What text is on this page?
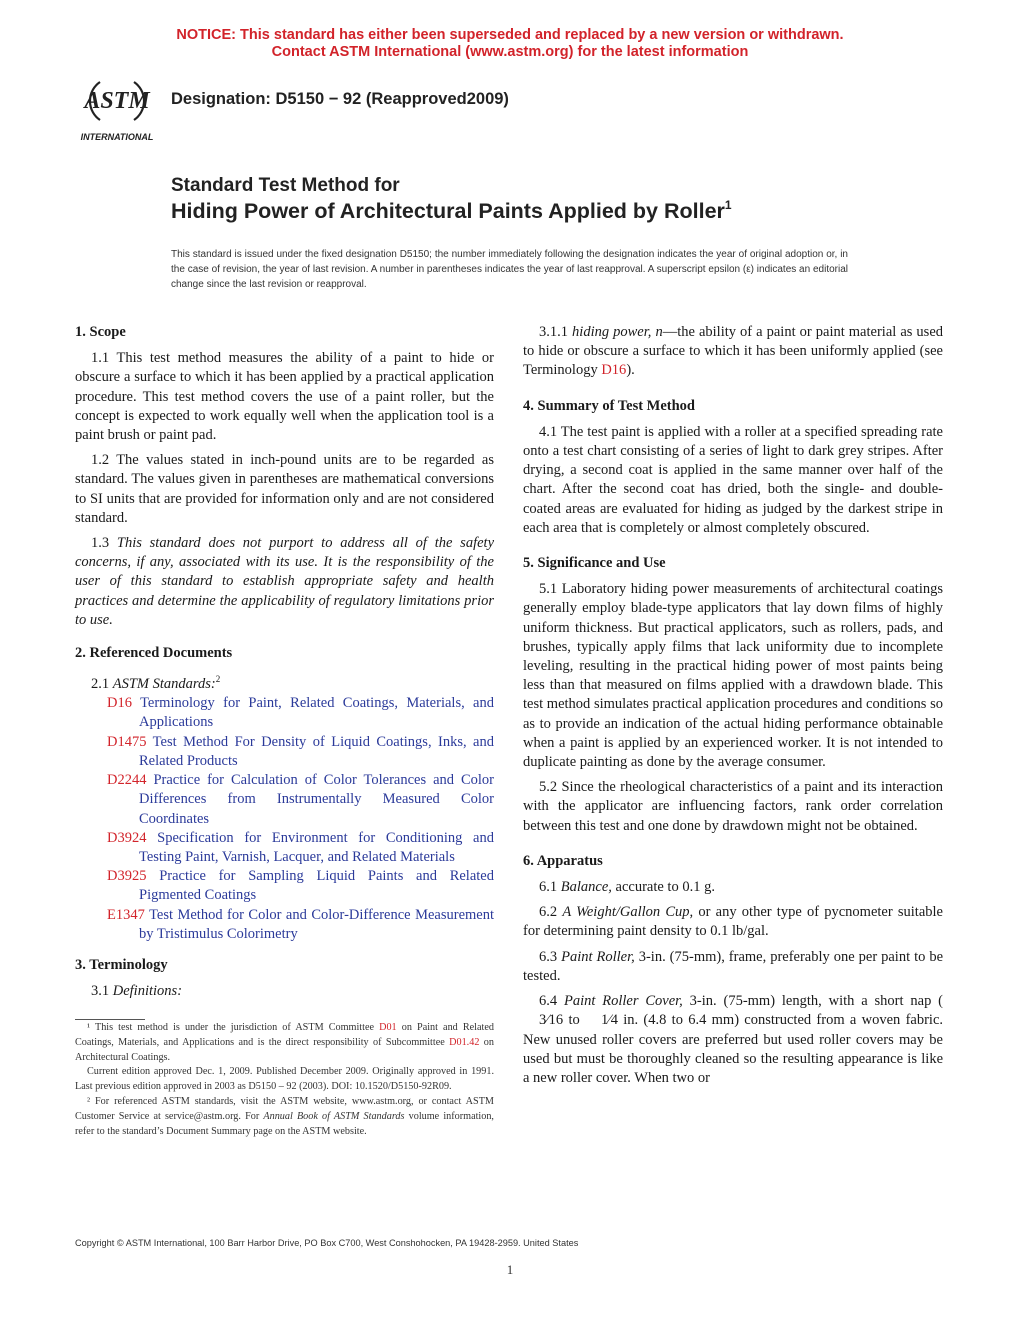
NOTICE: This standard has either been superseded and replaced by a new version or withdrawn.
Contact ASTM International (www.astm.org) for the latest information
ASTM
INTERNATIONAL
Designation: D5150 − 92 (Reapproved2009)
Standard Test Method for
Hiding Power of Architectural Paints Applied by Roller$^1$
This standard is issued under the fixed designation D5150; the number immediately following the designation indicates the year of original adoption or, in the case of revision, the year of last revision. A number in parentheses indicates the year of last reapproval. A superscript epsilon (ε) indicates an editorial change since the last revision or reapproval.
1. Scope
1.1 This test method measures the ability of a paint to hide or obscure a surface to which it has been applied by a practical application procedure. This test method covers the use of a paint roller, but the concept is expected to work equally well when the application tool is a paint brush or paint pad.
1.2 The values stated in inch-pound units are to be regarded as standard. The values given in parentheses are mathematical conversions to SI units that are provided for information only and are not considered standard.
1.3 This standard does not purport to address all of the safety concerns, if any, associated with its use. It is the responsibility of the user of this standard to establish appropriate safety and health practices and determine the applicability of regulatory limitations prior to use.
2. Referenced Documents
2.1 ASTM Standards:$^2$
D16 Terminology for Paint, Related Coatings, Materials, and Applications
D1475 Test Method For Density of Liquid Coatings, Inks, and Related Products
D2244 Practice for Calculation of Color Tolerances and Color Differences from Instrumentally Measured Color Coordinates
D3924 Specification for Environment for Conditioning and Testing Paint, Varnish, Lacquer, and Related Materials
D3925 Practice for Sampling Liquid Paints and Related Pigmented Coatings
E1347 Test Method for Color and Color-Difference Measurement by Tristimulus Colorimetry
3. Terminology
3.1 Definitions:

¹ This test method is under the jurisdiction of ASTM Committee D01 on Paint and Related Coatings, Materials, and Applications and is the direct responsibility of Subcommittee D01.42 on Architectural Coatings.

Current edition approved Dec. 1, 2009. Published December 2009. Originally approved in 1991. Last previous edition approved in 2003 as D5150 – 92 (2003). DOI: 10.1520/D5150-92R09.

² For referenced ASTM standards, visit the ASTM website, www.astm.org, or contact ASTM Customer Service at service@astm.org. For Annual Book of ASTM Standards volume information, refer to the standard’s Document Summary page on the ASTM website.

3.1.1 hiding power, n—the ability of a paint or paint material as used to hide or obscure a surface to which it has been uniformly applied (see Terminology D16).
4. Summary of Test Method
4.1 The test paint is applied with a roller at a specified spreading rate onto a test chart consisting of a series of light to dark grey stripes. After drying, a second coat is applied in the same manner over half of the chart. After the second coat has dried, both the single- and double-coated areas are evaluated for hiding as judged by the darkest stripe in each area that is completely or almost completely obscured.
5. Significance and Use
5.1 Laboratory hiding power measurements of architectural coatings generally employ blade-type applicators that lay down films of highly uniform thickness. But practical applicators, such as rollers, pads, and brushes, typically apply films that lack uniformity due to incomplete leveling, resulting in the practical hiding power of most paints being less than that measured on films applied with a drawdown blade. This test method simulates practical application procedures and conditions so as to provide an indication of the actual hiding performance obtainable when a paint is applied by an experienced worker. It is not intended to duplicate painting as done by the average consumer.
5.2 Since the rheological characteristics of a paint and its interaction with the applicator are influencing factors, rank order correlation between this test and one done by drawdown might not be obtained.
6. Apparatus
6.1 Balance, accurate to 0.1 g.
6.2 A Weight/Gallon Cup, or any other type of pycnometer suitable for determining paint density to 0.1 lb/gal.
6.3 Paint Roller, 3-in. (75-mm), frame, preferably one per paint to be tested.
6.4 Paint Roller Cover, 3-in. (75-mm) length, with a short nap (3⁄16 to 1⁄4 in. (4.8 to 6.4 mm) constructed from a woven fabric. New unused roller covers are preferred but used roller covers may be used but must be thoroughly cleaned so the resulting appearance is like a new roller cover. When two or
Copyright © ASTM International, 100 Barr Harbor Drive, PO Box C700, West Conshohocken, PA 19428-2959. United States
1
